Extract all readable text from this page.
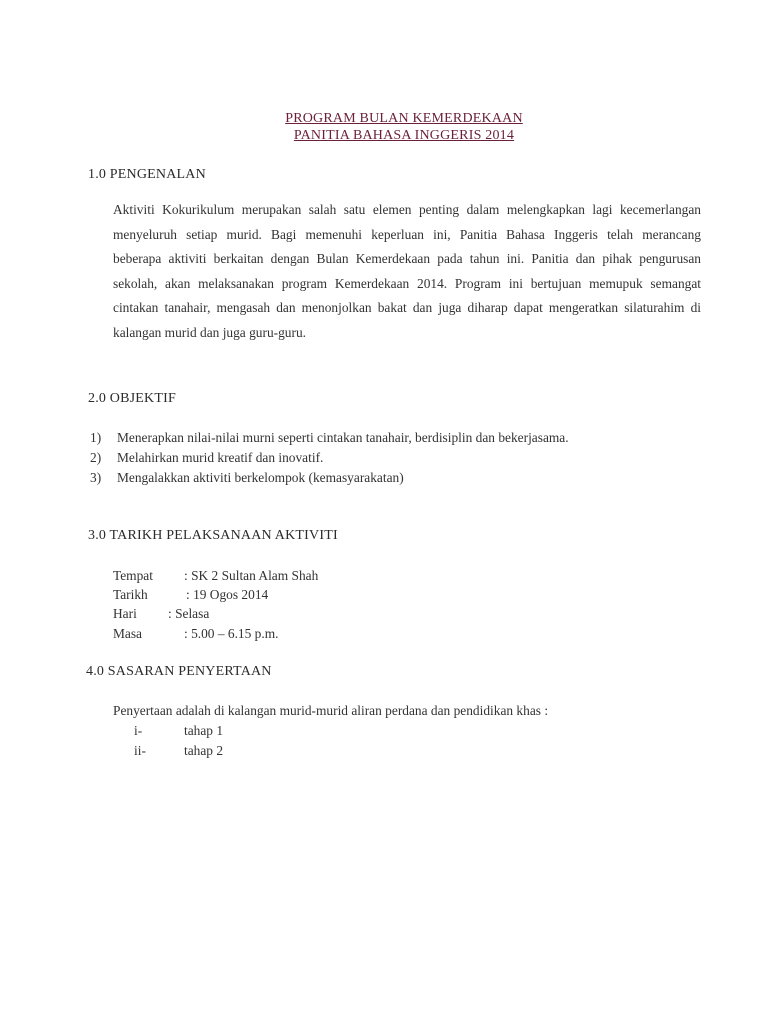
PROGRAM BULAN KEMERDEKAAN
PANITIA BAHASA INGGERIS 2014
1.0 PENGENALAN
Aktiviti Kokurikulum merupakan salah satu elemen penting dalam melengkapkan lagi kecemerlangan
menyeluruh setiap murid. Bagi memenuhi keperluan ini, Panitia Bahasa Inggeris telah merancang
beberapa aktiviti berkaitan dengan Bulan Kemerdekaan pada tahun ini. Panitia dan pihak pengurusan
sekolah, akan melaksanakan program Kemerdekaan 2014. Program ini bertujuan memupuk semangat
cintakan tanahair, mengasah dan menonjolkan bakat dan juga diharap dapat mengeratkan silaturahim di
kalangan murid dan juga guru-guru.
2.0 OBJEKTIF
1) Menerapkan nilai-nilai murni seperti cintakan tanahair, berdisiplin dan bekerjasama.
2) Melahirkan murid kreatif dan inovatif.
3) Mengalakkan aktiviti berkelompok (kemasyarakatan)
3.0 TARIKH PELAKSANAAN AKTIVITI
Tempat : SK 2 Sultan Alam Shah
Tarikh	: 19 Ogos 2014
Hari : Selasa
Masa	: 5.00 – 6.15 p.m.
4.0 SASARAN PENYERTAAN
Penyertaan adalah di kalangan murid-murid aliran perdana dan pendidikan khas :
i-	tahap 1
ii-	tahap 2
